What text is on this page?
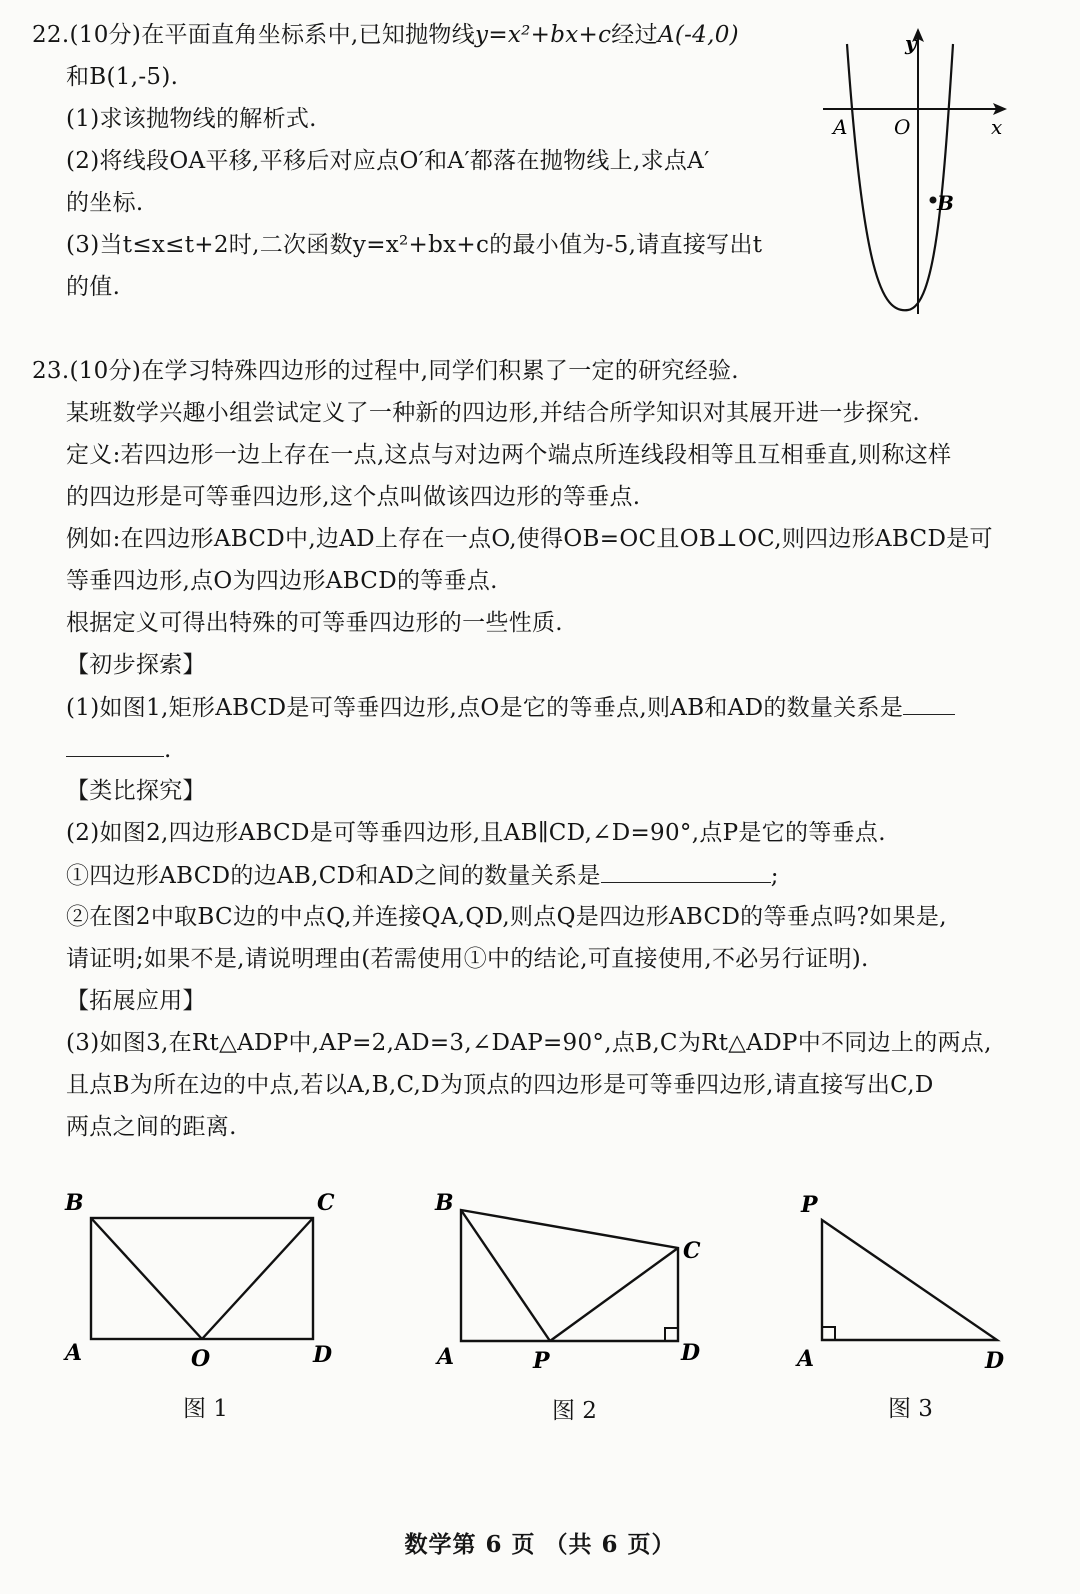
22.(10分)在平面直角坐标系中,已知抛物线y=x²+bx+c经过A(-4,0)
和B(1,-5).
(1)求该抛物线的解析式.
(2)将线段OA平移,平移后对应点O′和A′都落在抛物线上,求点A′
的坐标.
(3)当t≤x≤t+2时,二次函数y=x²+bx+c的最小值为-5,请直接写出t
的值.
y
x
O
A
B
23.(10分)在学习特殊四边形的过程中,同学们积累了一定的研究经验.
某班数学兴趣小组尝试定义了一种新的四边形,并结合所学知识对其展开进一步探究.
定义:若四边形一边上存在一点,这点与对边两个端点所连线段相等且互相垂直,则称这样
的四边形是可等垂四边形,这个点叫做该四边形的等垂点.
例如:在四边形ABCD中,边AD上存在一点O,使得OB=OC且OB⊥OC,则四边形ABCD是可
等垂四边形,点O为四边形ABCD的等垂点.
根据定义可得出特殊的可等垂四边形的一些性质.
【初步探索】
(1)如图1,矩形ABCD是可等垂四边形,点O是它的等垂点,则AB和AD的数量关系是
.
【类比探究】
(2)如图2,四边形ABCD是可等垂四边形,且AB∥CD,∠D=90°,点P是它的等垂点.
①四边形ABCD的边AB,CD和AD之间的数量关系是	;
②在图2中取BC边的中点Q,并连接QA,QD,则点Q是四边形ABCD的等垂点吗?如果是,
请证明;如果不是,请说明理由(若需使用①中的结论,可直接使用,不必另行证明).
【拓展应用】
(3)如图3,在Rt△ADP中,AP=2,AD=3,∠DAP=90°,点B,C为Rt△ADP中不同边上的两点,
且点B为所在边的中点,若以A,B,C,D为顶点的四边形是可等垂四边形,请直接写出C,D
两点之间的距离.
B	C
A	O	D
图 1
B
C
A	P	D
图 2
P
A	D
图 3
数学第 6 页 （共 6 页）
